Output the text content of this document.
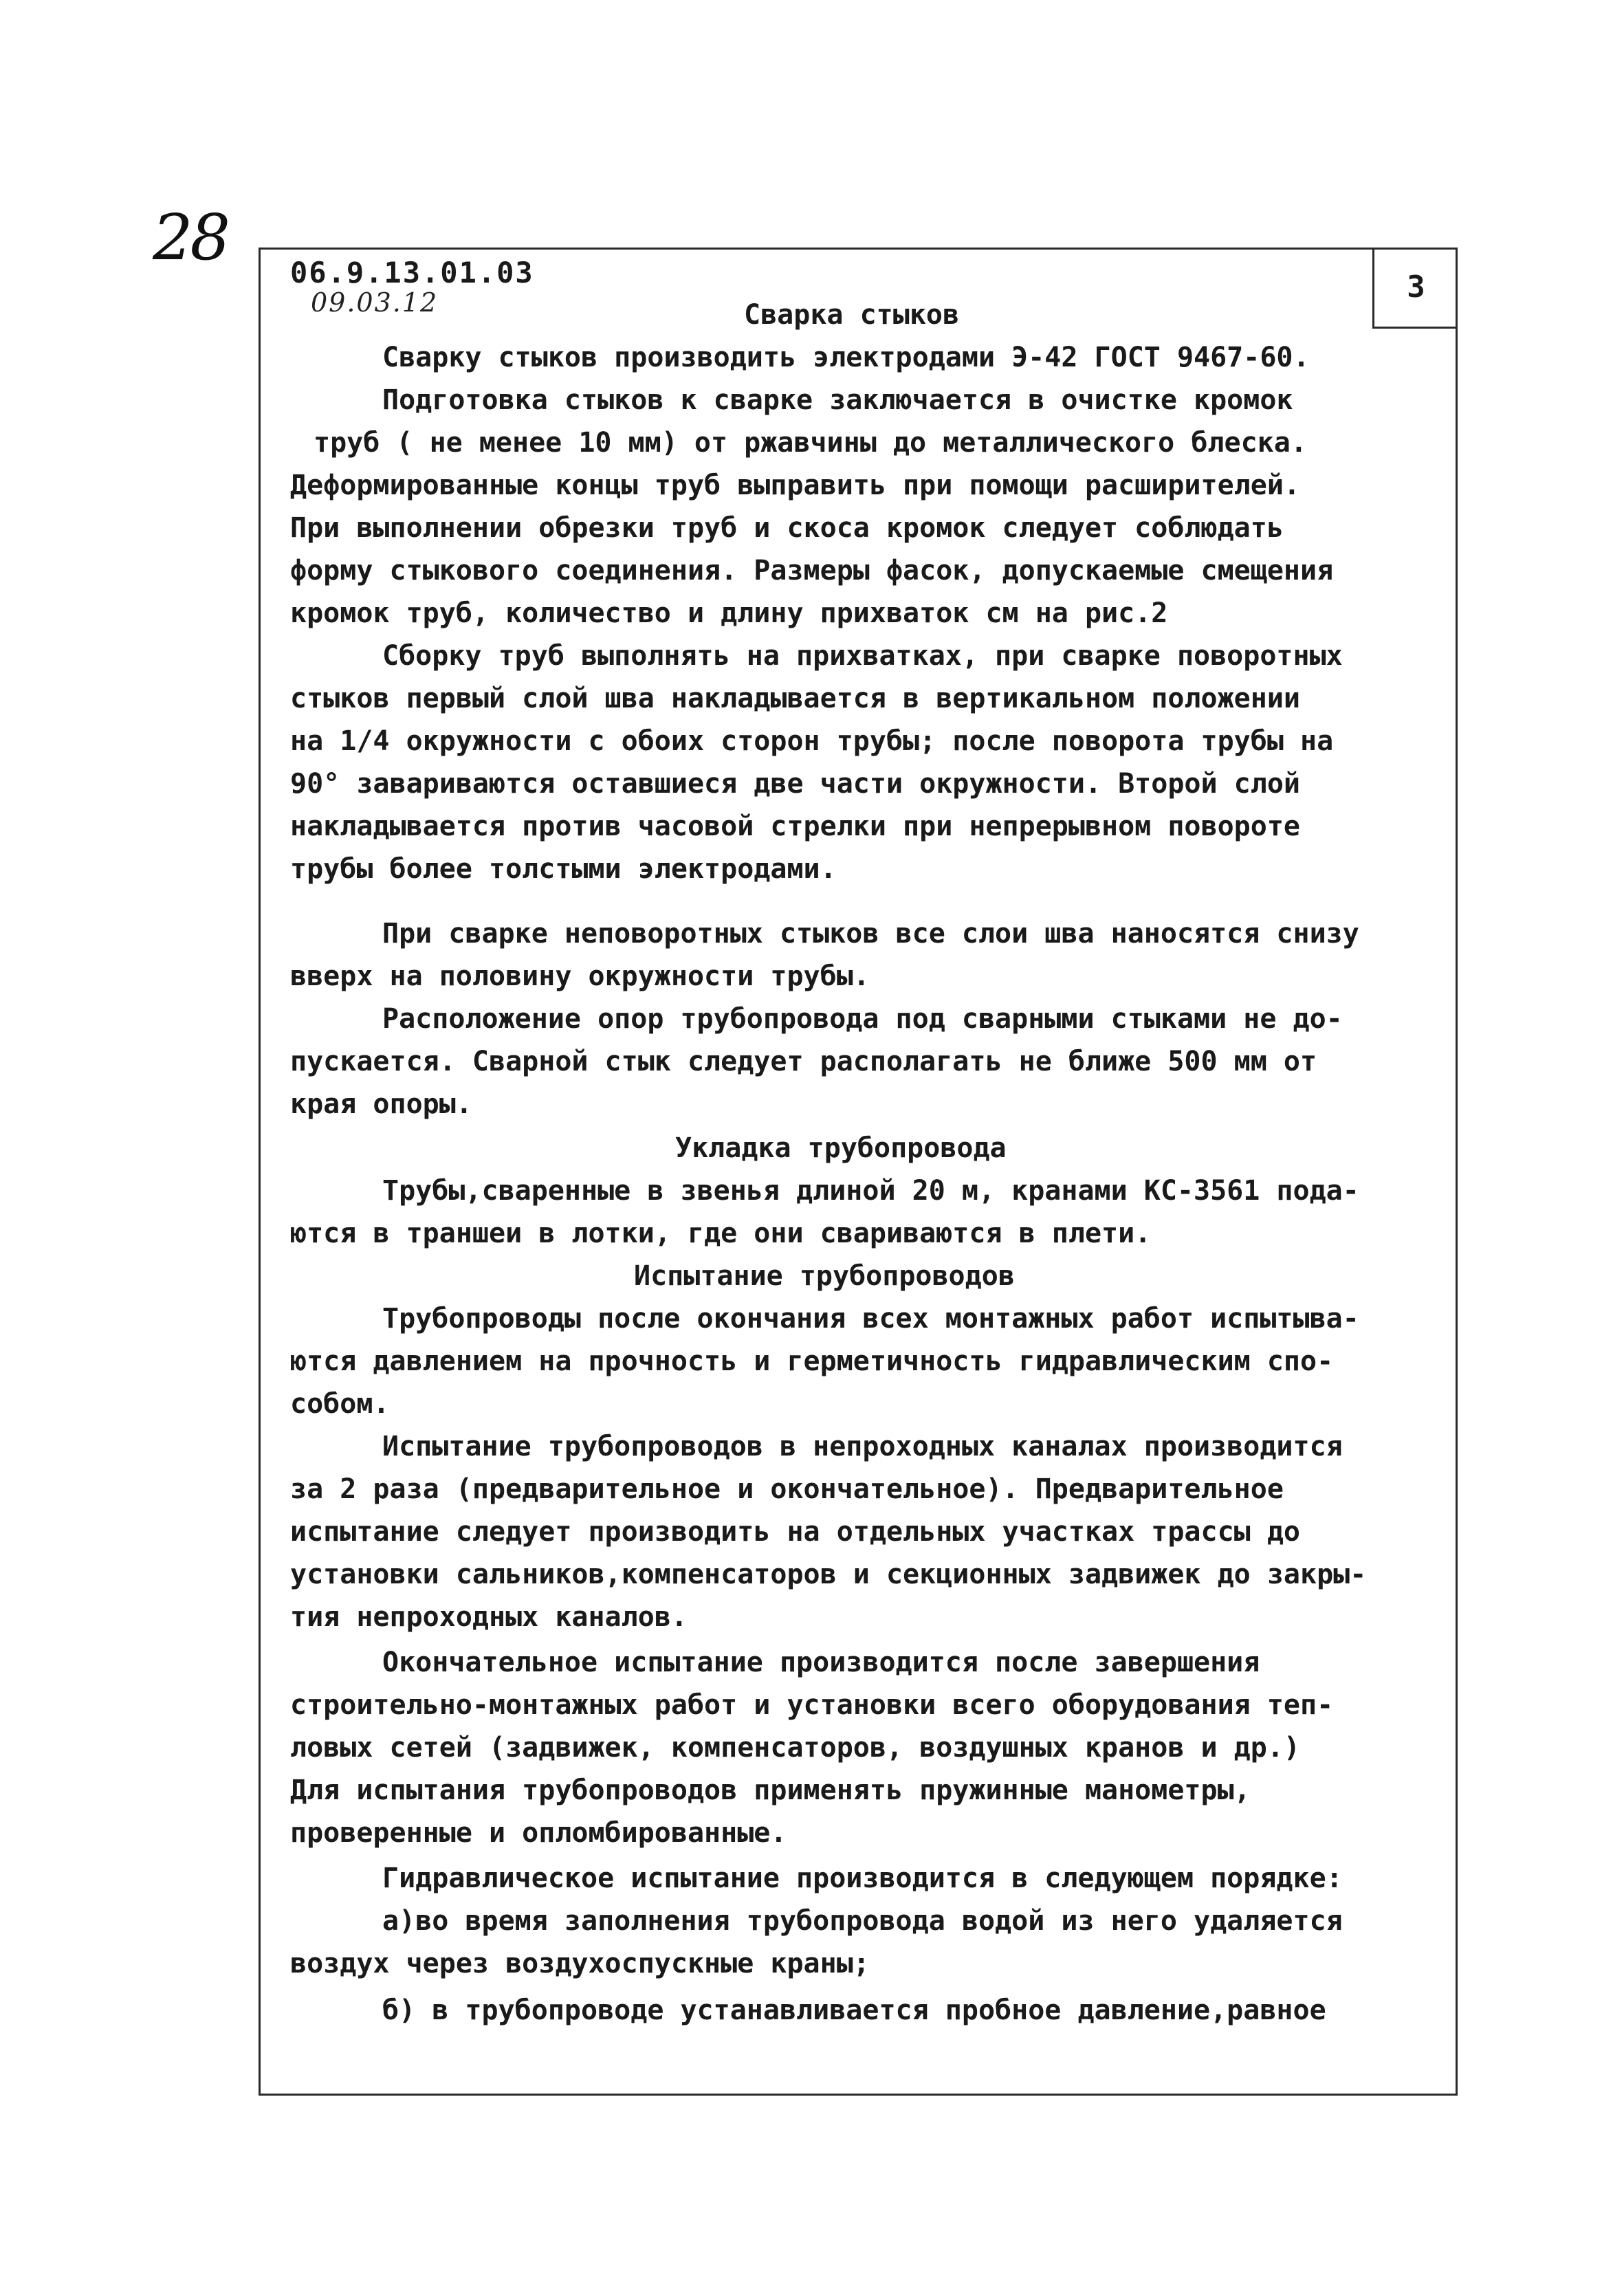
28
3
06.9.13.01.03
09.03.12	Сварка стыков
Сварку стыков производить электродами Э-42 ГОСТ 9467-60.
Подготовка стыков к сварке заключается в очистке кромок
труб ( не менее 10 мм) от ржавчины до металлического блеска.
Деформированные концы труб выправить при помощи расширителей.
При выполнении обрезки труб и скоса кромок следует соблюдать
форму стыкового соединения. Размеры фасок, допускаемые смещения
кромок труб, количество и длину прихваток см на рис.2
Сборку труб выполнять на прихватках, при сварке поворотных
стыков первый слой шва накладывается в вертикальном положении
на 1/4 окружности с обоих сторон трубы; после поворота трубы на
90° завариваются оставшиеся две части окружности. Второй слой
накладывается против часовой стрелки при непрерывном повороте
трубы более толстыми электродами.
При сварке неповоротных стыков все слои шва наносятся снизу
вверх на половину окружности трубы.
Расположение опор трубопровода под сварными стыками не до-
пускается. Сварной стык следует располагать не ближе 500 мм от
края опоры.
Укладка трубопровода
Трубы,сваренные в звенья длиной 20 м, кранами КС-3561 пода-
ются в траншеи в лотки, где они свариваются в плети.
Испытание трубопроводов
Трубопроводы после окончания всех монтажных работ испытыва-
ются давлением на прочность и герметичность гидравлическим спо-
собом.
Испытание трубопроводов в непроходных каналах производится
за 2 раза (предварительное и окончательное). Предварительное
испытание следует производить на отдельных участках трассы до
установки сальников,компенсаторов и секционных задвижек до закры-
тия непроходных каналов.
Окончательное испытание производится после завершения
строительно-монтажных работ и установки всего оборудования теп-
ловых сетей (задвижек, компенсаторов, воздушных кранов и др.)
Для испытания трубопроводов применять пружинные манометры,
проверенные и опломбированные.
Гидравлическое испытание производится в следующем порядке:
а)во время заполнения трубопровода водой из него удаляется
воздух через воздухоспускные краны;
б) в трубопроводе устанавливается пробное давление,равное
